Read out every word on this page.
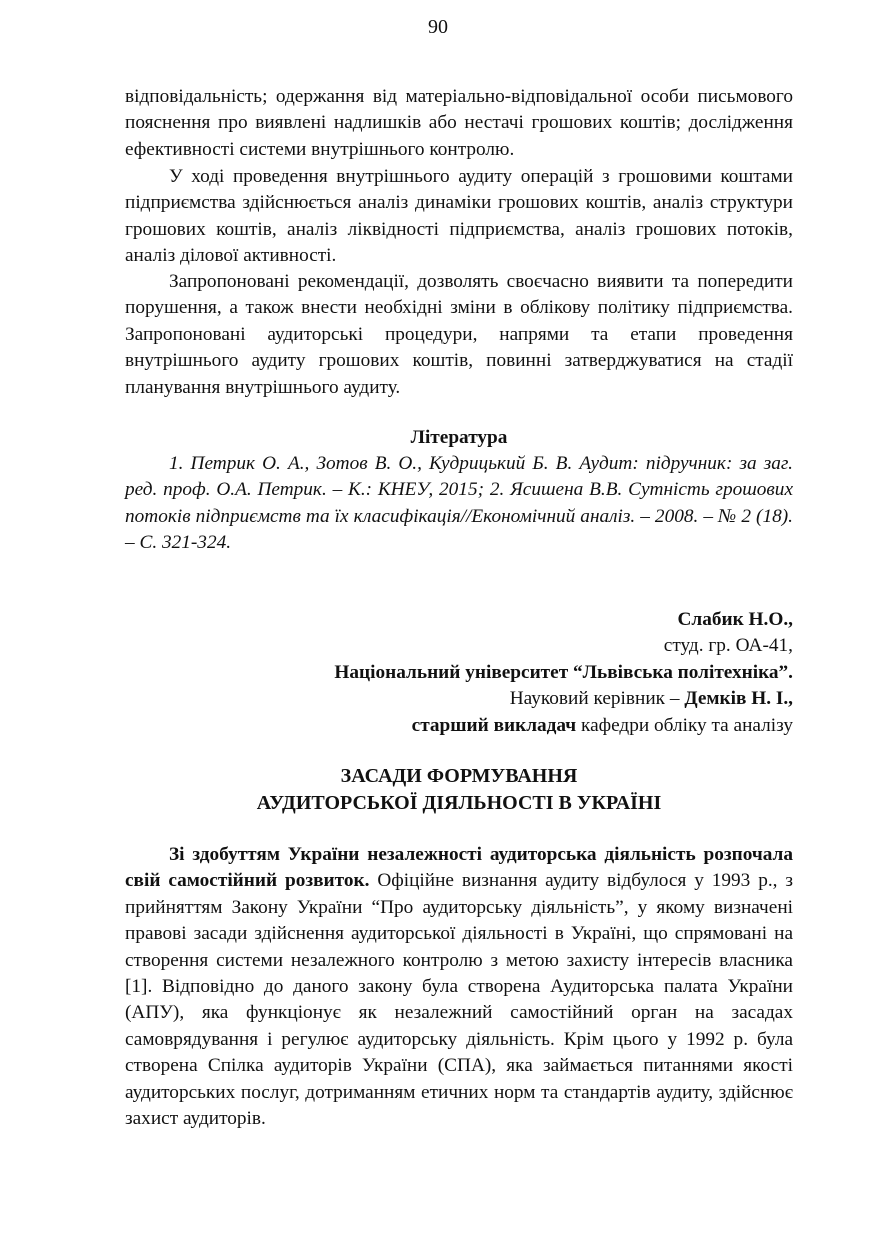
90

відповідальність; одержання від матеріально-відповідальної особи письмового пояснення про виявлені надлишків або нестачі грошових коштів; дослідження ефективності системи внутрішнього контролю.

У ході проведення внутрішнього аудиту операцій з грошовими коштами підприємства здійснюється аналіз динаміки грошових коштів, аналіз структури грошових коштів, аналіз ліквідності підприємства, аналіз грошових потоків, аналіз ділової активності.

Запропоновані рекомендації, дозволять своєчасно виявити та попередити порушення, а також внести необхідні зміни в облікову політику підприємства. Запропоновані аудиторські процедури, напрями та етапи проведення внутрішнього аудиту грошових коштів, повинні затверджуватися на стадії планування внутрішнього аудиту.

Література

1. Петрик О. А., Зотов В. О., Кудрицький Б. В. Аудит: підручник: за заг. ред. проф. О.А. Петрик. – К.: КНЕУ, 2015; 2. Ясишена В.В. Сутність грошових потоків підприємств та їх класифікація//Економічний аналіз. – 2008. – № 2 (18). – С. 321-324.

Слабик Н.О.,
студ. гр. ОА-41,
Національний університет “Львівська політехніка”.
Науковий керівник – Демків Н. І.,
старший викладач кафедри обліку та аналізу
ЗАСАДИ ФОРМУВАННЯ
АУДИТОРСЬКОЇ ДІЯЛЬНОСТІ В УКРАЇНІ

Зі здобуттям України незалежності аудиторська діяльність розпочала свій самостійний розвиток. Офіційне визнання аудиту відбулося у 1993 р., з прийняттям Закону України “Про аудиторську діяльність”, у якому визначені правові засади здійснення аудиторської діяльності в Україні, що спрямовані на створення системи незалежного контролю з метою захисту інтересів власника [1]. Відповідно до даного закону була створена Аудиторська палата України (АПУ), яка функціонує як незалежний самостійний орган на засадах самоврядування і регулює аудиторську діяльність. Крім цього у 1992 р. була створена Спілка аудиторів України (СПА), яка займається питаннями якості аудиторських послуг, дотриманням етичних норм та стандартів аудиту, здійснює захист аудиторів.
